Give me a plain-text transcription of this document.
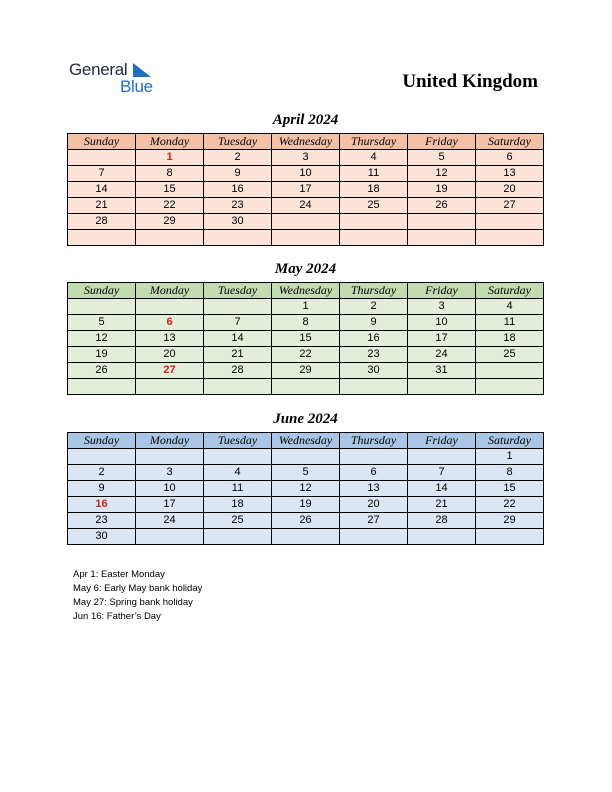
General
Blue	United Kingdom
April 2024
Sunday	Monday	Tuesday	Wednesday	Thursday	Friday	Saturday
	1	2	3	4	5	6
7	8	9	10	11	12	13
14	15	16	17	18	19	20
21	22	23	24	25	26	27
28	29	30				

May 2024
Sunday	Monday	Tuesday	Wednesday	Thursday	Friday	Saturday
			1	2	3	4
5	6	7	8	9	10	11
12	13	14	15	16	17	18
19	20	21	22	23	24	25
26	27	28	29	30	31	

June 2024
Sunday	Monday	Tuesday	Wednesday	Thursday	Friday	Saturday
						1
2	3	4	5	6	7	8
9	10	11	12	13	14	15
16	17	18	19	20	21	22
23	24	25	26	27	28	29
30						
Apr 1: Easter Monday
May 6: Early May bank holiday
May 27: Spring bank holiday
Jun 16: Father’s Day
